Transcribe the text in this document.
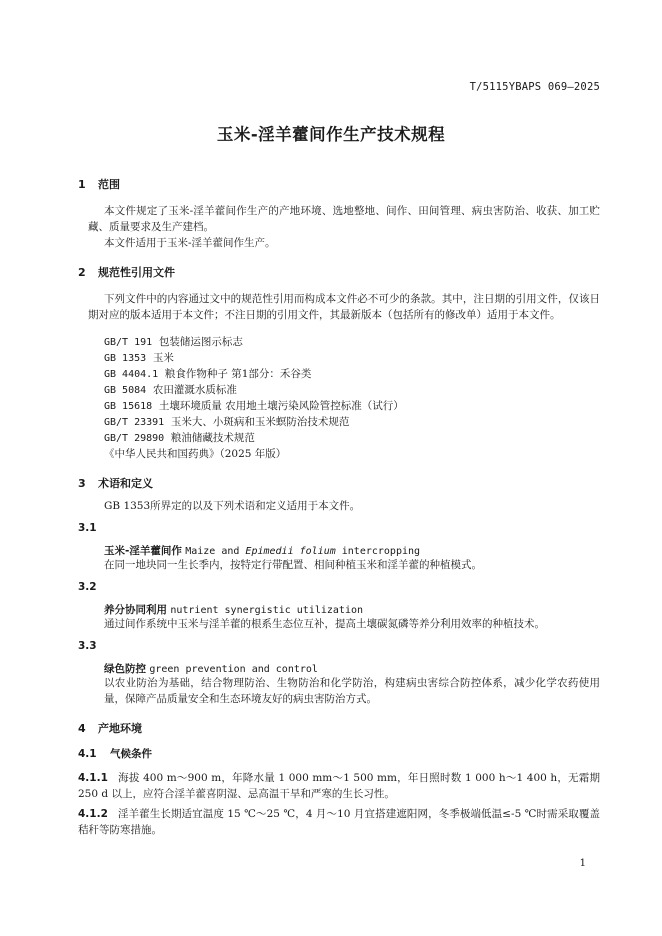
T/5115YBAPS 069—2025
玉米-淫羊藿间作生产技术规程
1 范围
本文件规定了玉米-淫羊藿间作生产的产地环境、选地整地、间作、田间管理、病虫害防治、收获、加工贮藏、质量要求及生产建档。
本文件适用于玉米-淫羊藿间作生产。
2 规范性引用文件
下列文件中的内容通过文中的规范性引用而构成本文件必不可少的条款。其中，注日期的引用文件，仅该日期对应的版本适用于本文件；不注日期的引用文件，其最新版本（包括所有的修改单）适用于本文件。
GB/T 191 包装储运图示标志
GB 1353 玉米
GB 4404.1 粮食作物种子 第1部分：禾谷类
GB 5084 农田灌溉水质标准
GB 15618 土壤环境质量 农用地土壤污染风险管控标准（试行）
GB/T 23391 玉米大、小斑病和玉米螟防治技术规范
GB/T 29890 粮油储藏技术规范
《中华人民共和国药典》（2025 年版）
3 术语和定义
GB 1353所界定的以及下列术语和定义适用于本文件。
3.1
玉米-淫羊藿间作 Maize and Epimedii folium intercropping
在同一地块同一生长季内，按特定行带配置、相间种植玉米和淫羊藿的种植模式。
3.2
养分协同利用 nutrient synergistic utilization
通过间作系统中玉米与淫羊藿的根系生态位互补，提高土壤碳氮磷等养分利用效率的种植技术。
3.3
绿色防控 green prevention and control
以农业防治为基础，结合物理防治、生物防治和化学防治，构建病虫害综合防控体系，减少化学农药使用量，保障产品质量安全和生态环境友好的病虫害防治方式。
4 产地环境
4.1 气候条件
4.1.1 海拔 400 m～900 m，年降水量 1 000 mm～1 500 mm，年日照时数 1 000 h～1 400 h，无霜期 250 d 以上，应符合淫羊藿喜阴湿、忌高温干旱和严寒的生长习性。
4.1.2 淫羊藿生长期适宜温度 15 ℃～25 ℃，4 月～10 月宜搭建遮阳网，冬季极端低温≤-5 ℃时需采取覆盖秸秆等防寒措施。
1
